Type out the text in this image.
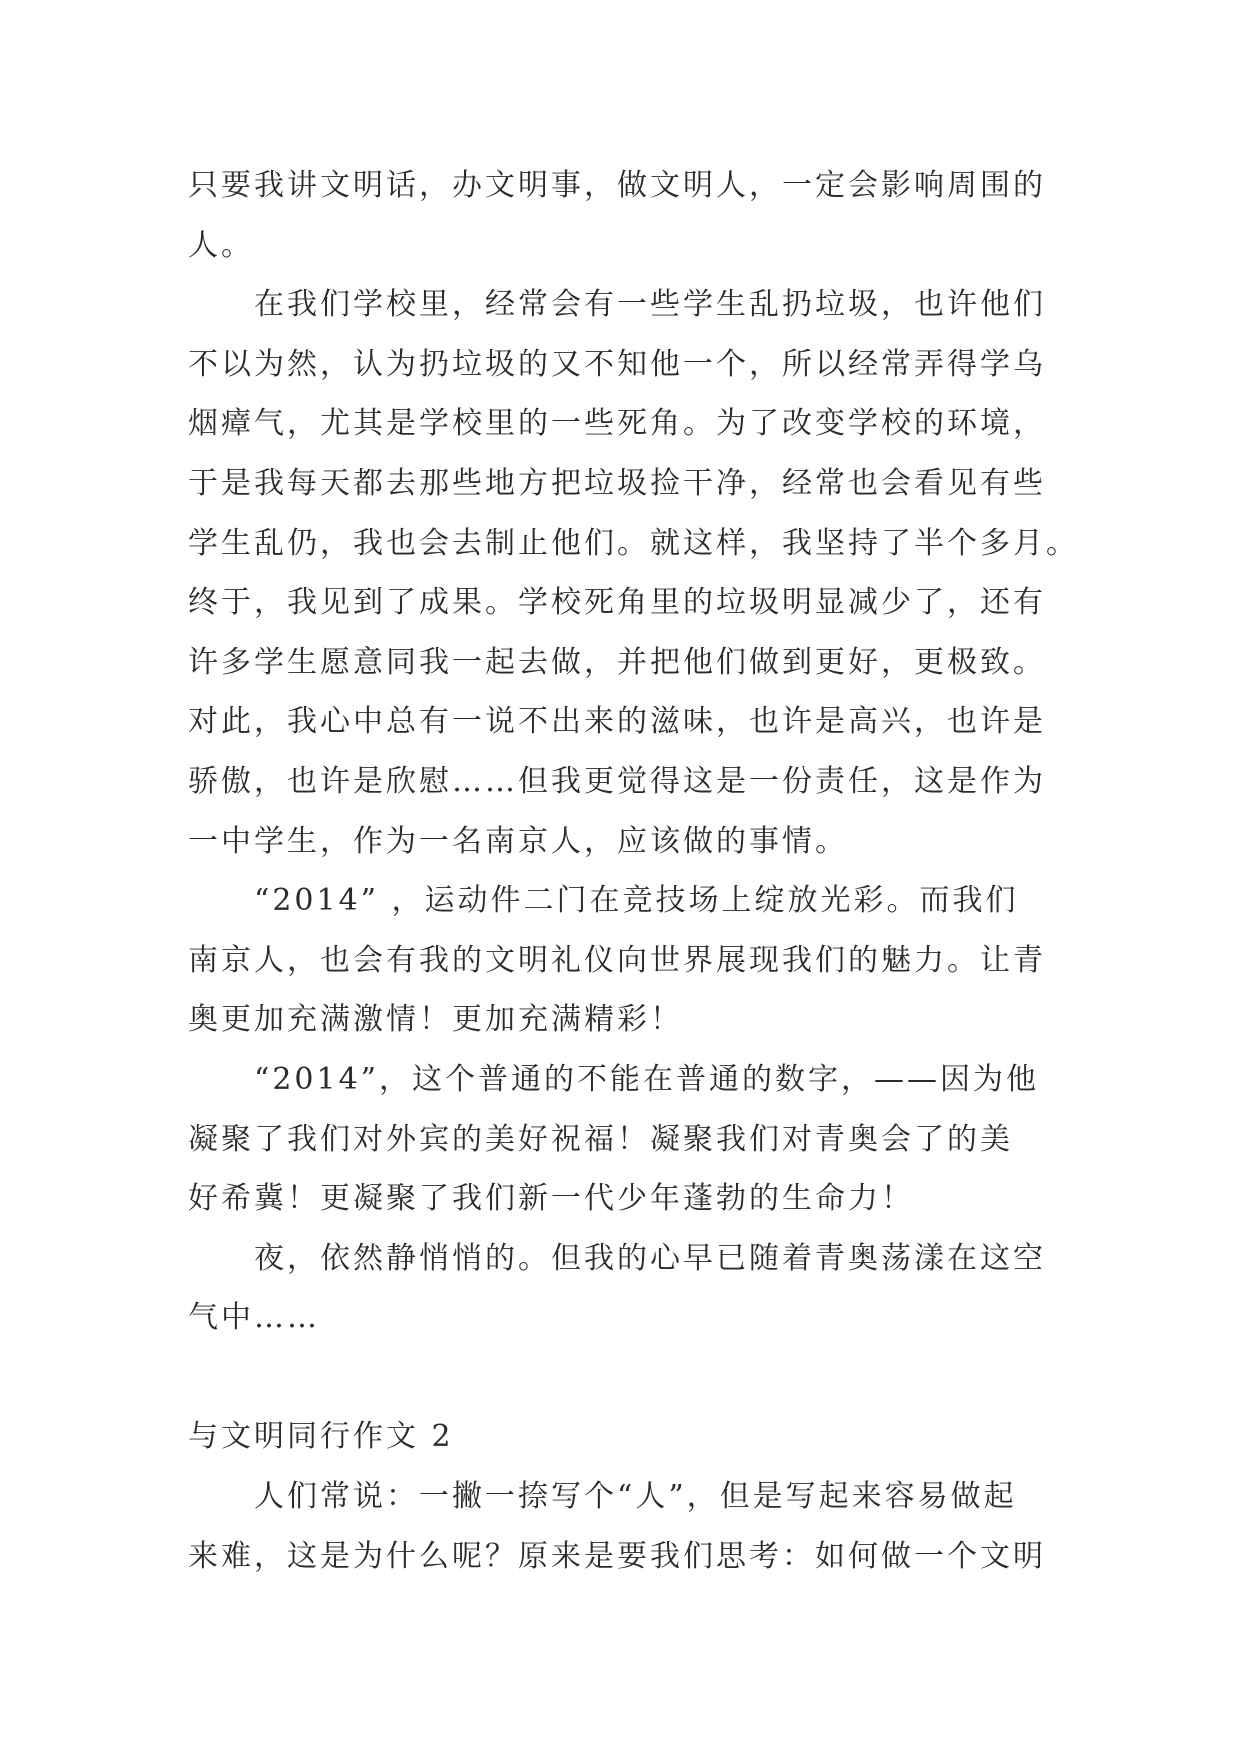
只要我讲文明话，办文明事，做文明人，一定会影响周围的
人。
在我们学校里，经常会有一些学生乱扔垃圾，也许他们
不以为然，认为扔垃圾的又不知他一个，所以经常弄得学乌
烟瘴气，尤其是学校里的一些死角。为了改变学校的环境，
于是我每天都去那些地方把垃圾捡干净，经常也会看见有些
学生乱仍，我也会去制止他们。就这样，我坚持了半个多月。
终于，我见到了成果。学校死角里的垃圾明显减少了，还有
许多学生愿意同我一起去做，并把他们做到更好，更极致。
对此，我心中总有一说不出来的滋味，也许是高兴，也许是
骄傲，也许是欣慰……但我更觉得这是一份责任，这是作为
一中学生，作为一名南京人，应该做的事情。
“2014” ，运动件二门在竞技场上绽放光彩。而我们
南京人，也会有我的文明礼仪向世界展现我们的魅力。让青
奥更加充满激情！更加充满精彩！
“2014”，这个普通的不能在普通的数字，——因为他
凝聚了我们对外宾的美好祝福！凝聚我们对青奥会了的美
好希冀！更凝聚了我们新一代少年蓬勃的生命力！
夜，依然静悄悄的。但我的心早已随着青奥荡漾在这空
气中……
与文明同行作文 2
人们常说：一撇一捺写个“人”，但是写起来容易做起
来难，这是为什么呢？原来是要我们思考：如何做一个文明
